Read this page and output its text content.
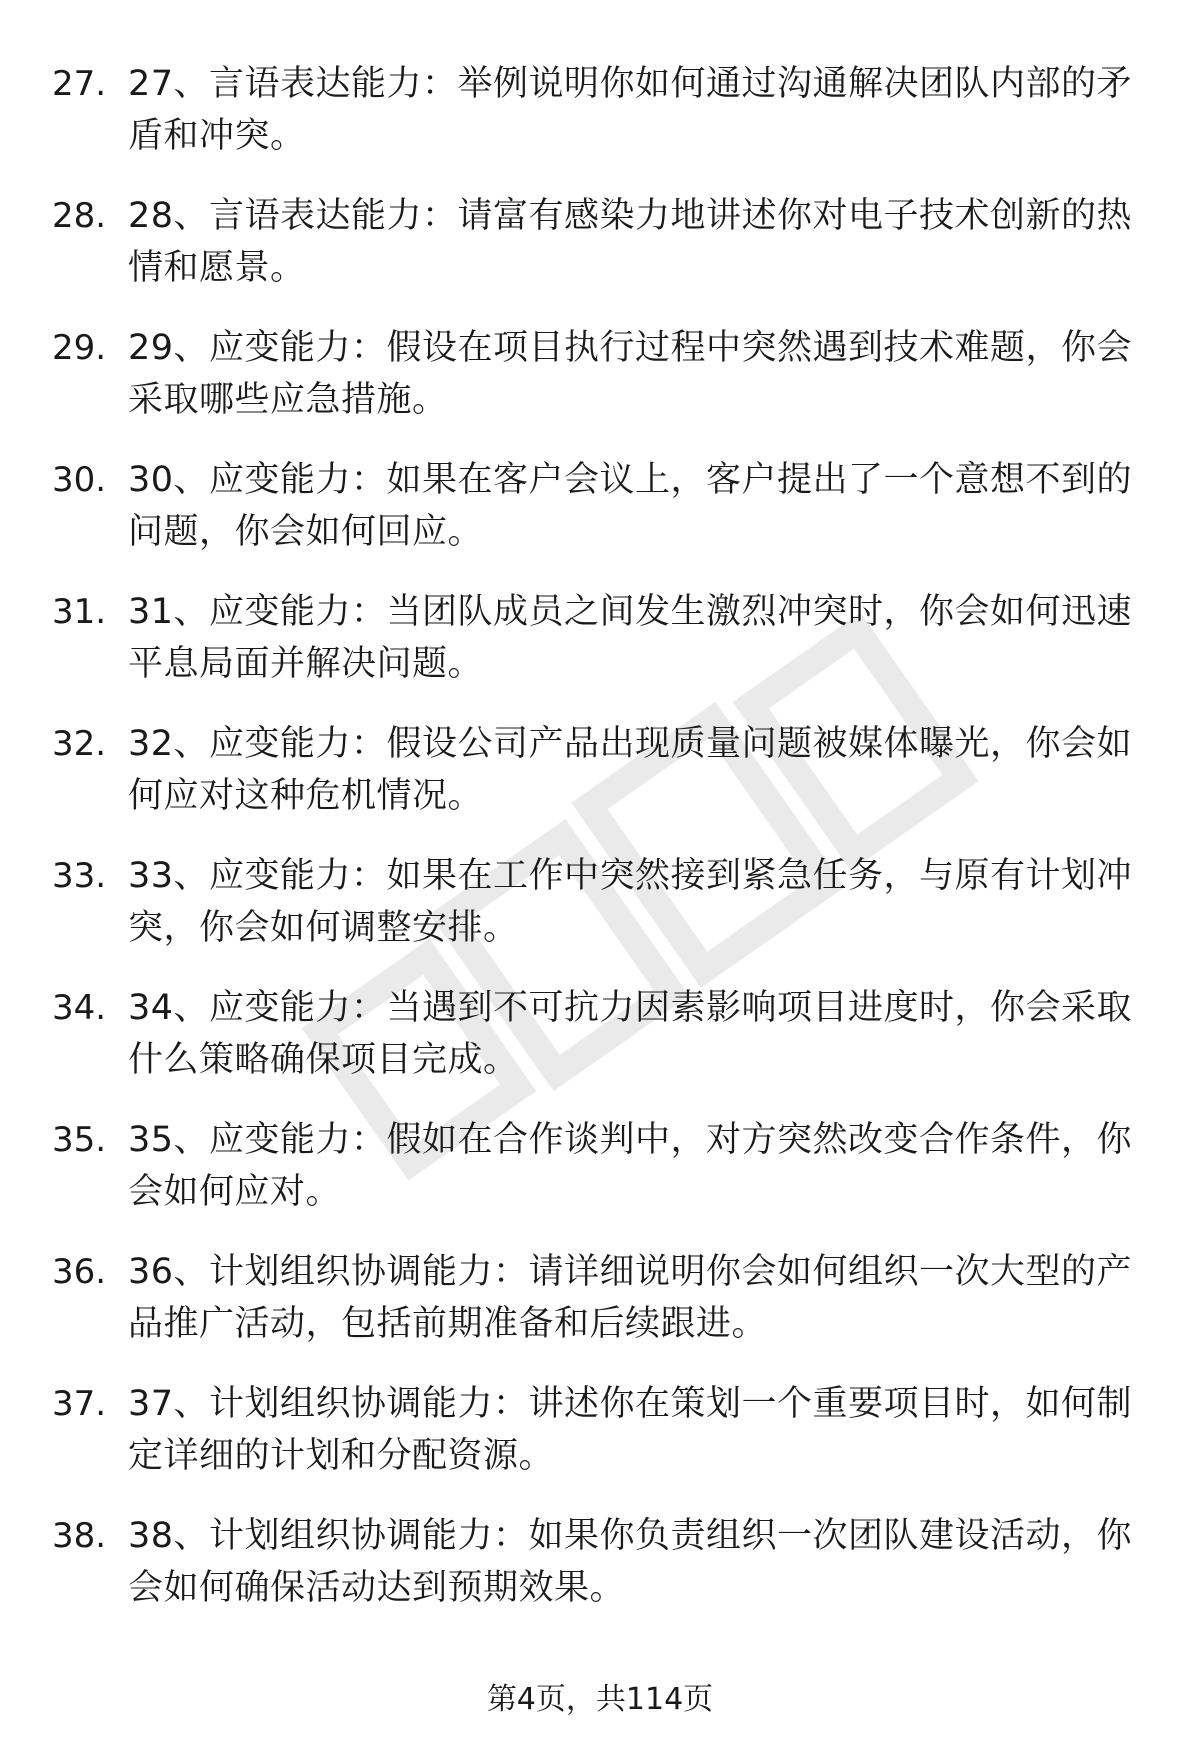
27. 27、言语表达能力：举例说明你如何通过沟通解决团队内部的矛盾和冲突。
28. 28、言语表达能力：请富有感染力地讲述你对电子技术创新的热情和愿景。
29. 29、应变能力：假设在项目执行过程中突然遇到技术难题，你会采取哪些应急措施。
30. 30、应变能力：如果在客户会议上，客户提出了一个意想不到的问题，你会如何回应。
31. 31、应变能力：当团队成员之间发生激烈冲突时，你会如何迅速平息局面并解决问题。
32. 32、应变能力：假设公司产品出现质量问题被媒体曝光，你会如何应对这种危机情况。
33. 33、应变能力：如果在工作中突然接到紧急任务，与原有计划冲突，你会如何调整安排。
34. 34、应变能力：当遇到不可抗力因素影响项目进度时，你会采取什么策略确保项目完成。
35. 35、应变能力：假如在合作谈判中，对方突然改变合作条件，你会如何应对。
36. 36、计划组织协调能力：请详细说明你会如何组织一次大型的产品推广活动，包括前期准备和后续跟进。
37. 37、计划组织协调能力：讲述你在策划一个重要项目时，如何制定详细的计划和分配资源。
38. 38、计划组织协调能力：如果你负责组织一次团队建设活动，你会如何确保活动达到预期效果。
第4页，共114页
